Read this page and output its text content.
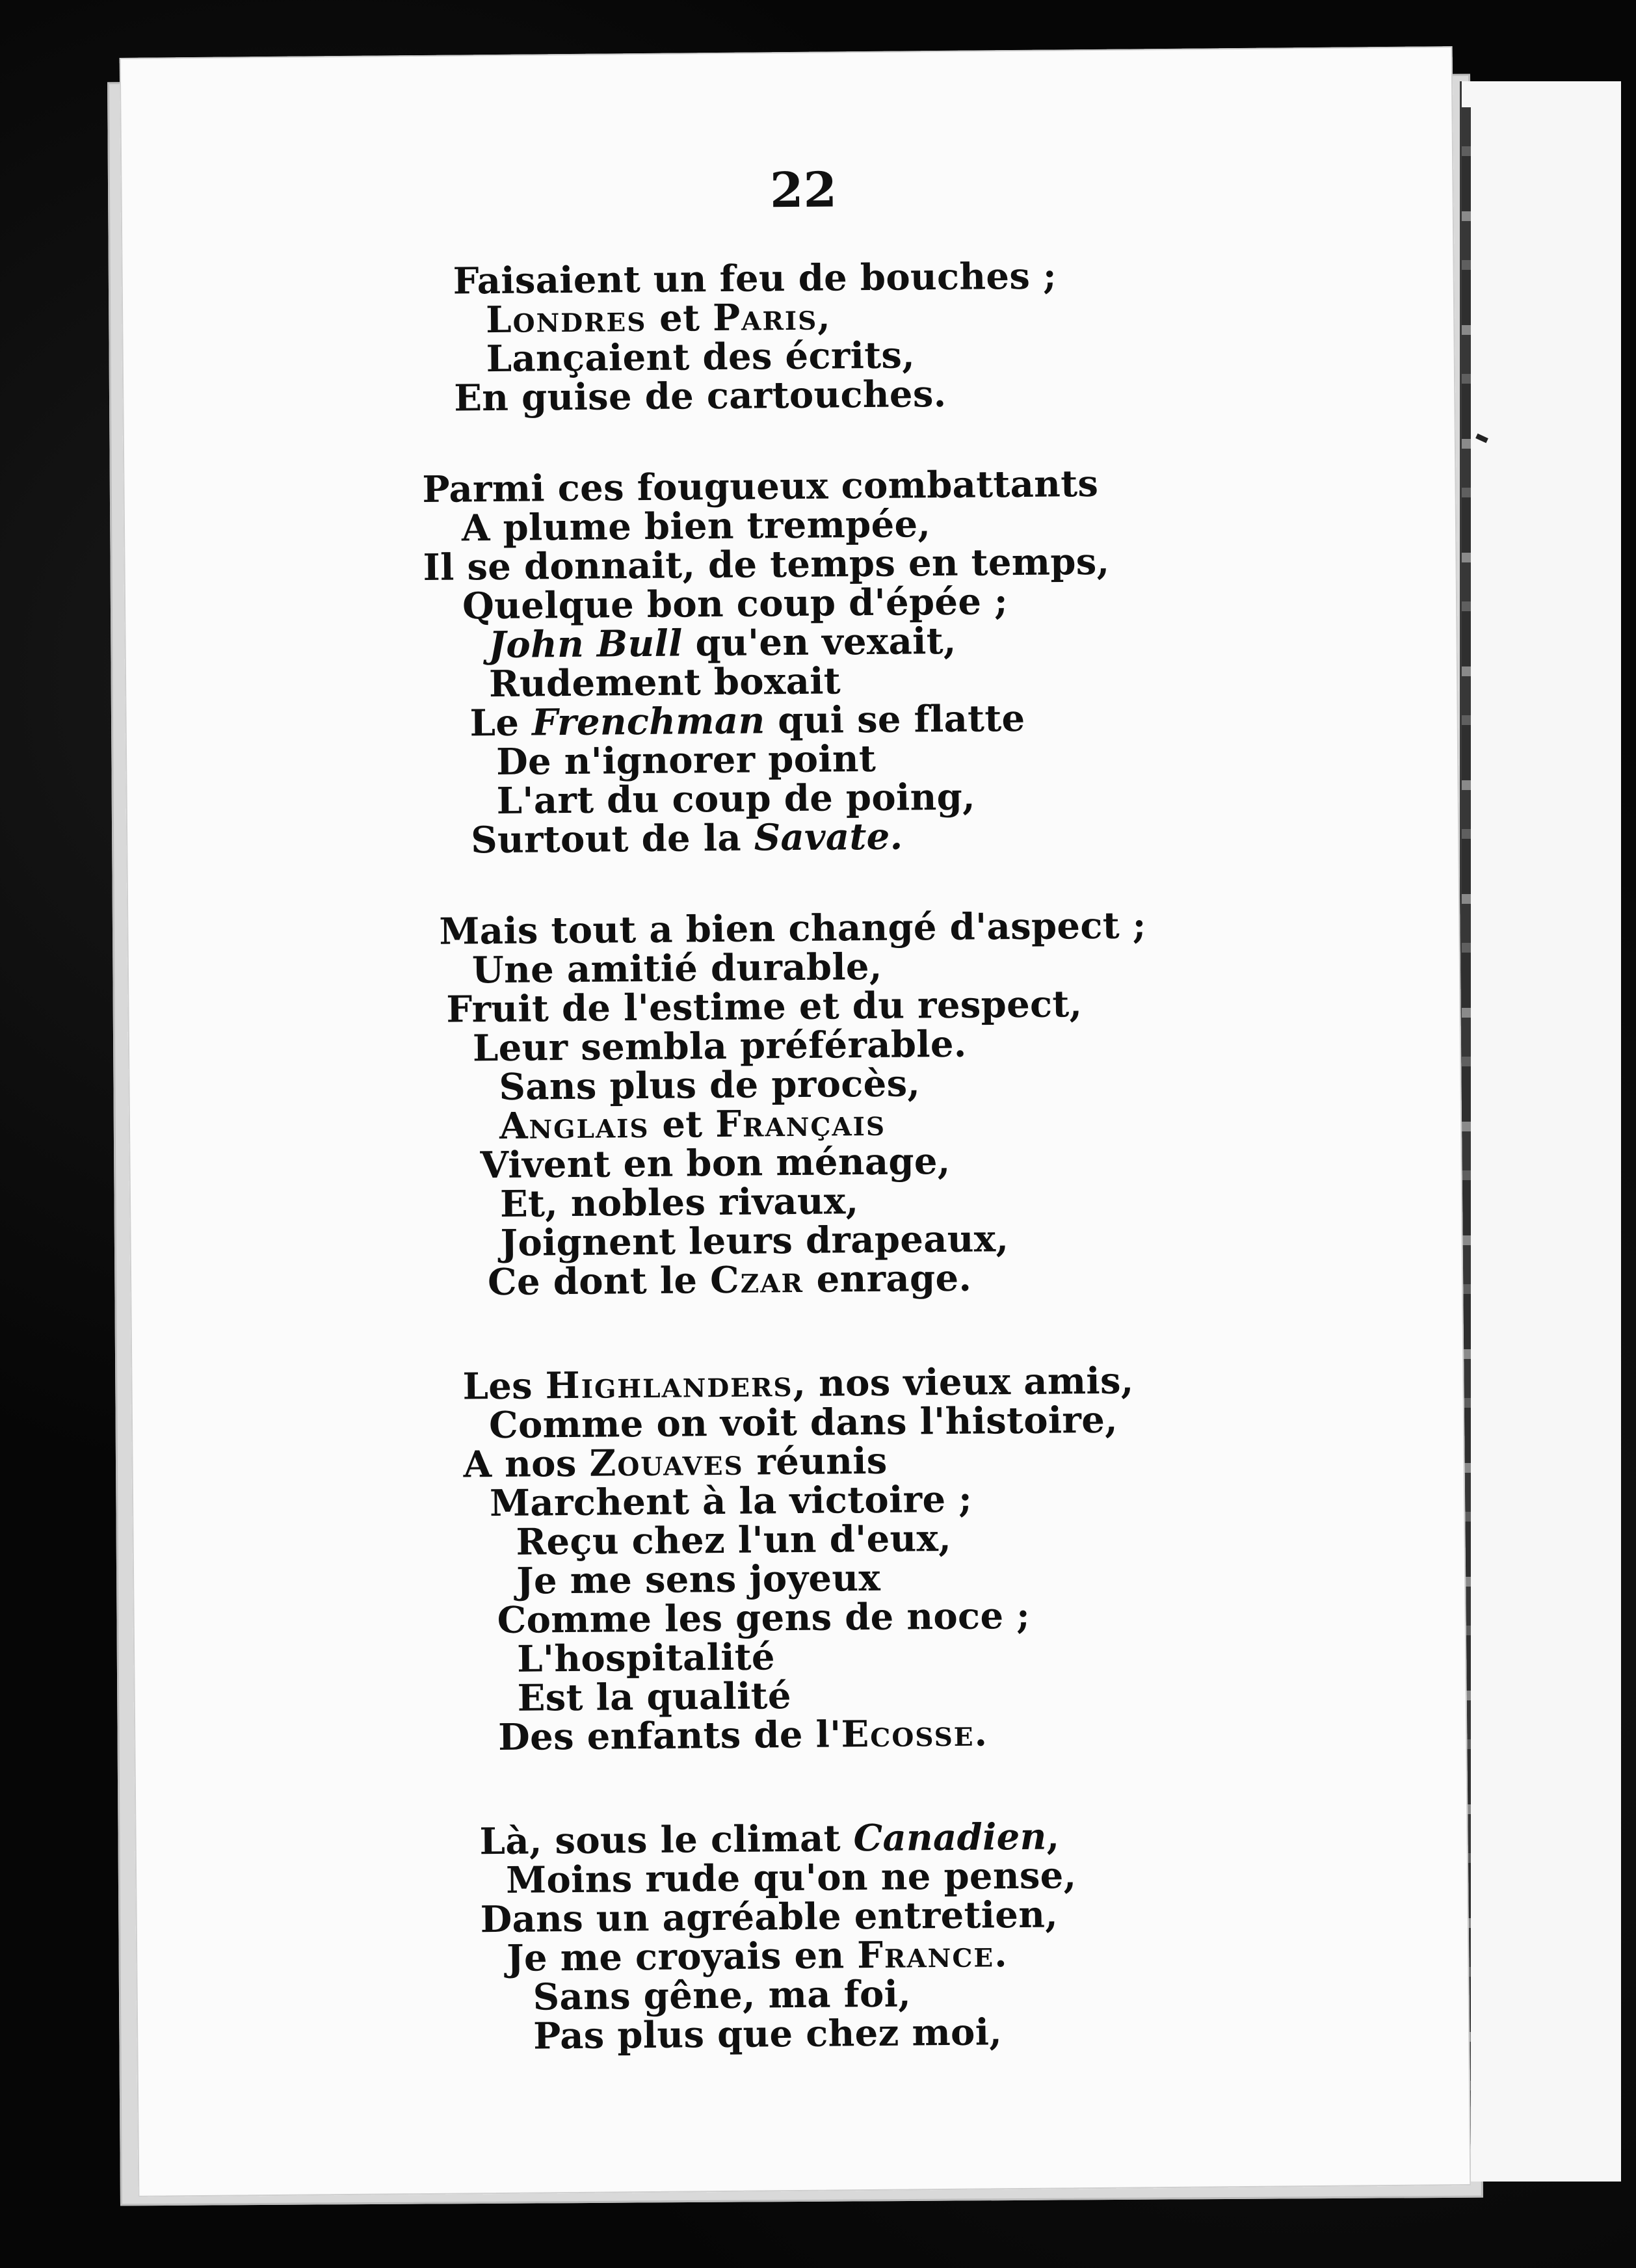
22
Faisaient un feu de bouches ;
Londres et Paris,
Lançaient des écrits,
En guise de cartouches.
Parmi ces fougueux combattants
A plume bien trempée,
Il se donnait, de temps en temps,
Quelque bon coup d'épée ;
John Bull qu'en vexait,
Rudement boxait
Le Frenchman qui se flatte
De n'ignorer point
L'art du coup de poing,
Surtout de la Savate.
Mais tout a bien changé d'aspect ;
Une amitié durable,
Fruit de l'estime et du respect,
Leur sembla préférable.
Sans plus de procès,
Anglais et Français
Vivent en bon ménage,
Et, nobles rivaux,
Joignent leurs drapeaux,
Ce dont le Czar enrage.
Les Highlanders, nos vieux amis,
Comme on voit dans l'histoire,
A nos Zouaves réunis
Marchent à la victoire ;
Reçu chez l'un d'eux,
Je me sens joyeux
Comme les gens de noce ;
L'hospitalité
Est la qualité
Des enfants de l'Ecosse.
Là, sous le climat Canadien,
Moins rude qu'on ne pense,
Dans un agréable entretien,
Je me croyais en France.
Sans gêne, ma foi,
Pas plus que chez moi,
